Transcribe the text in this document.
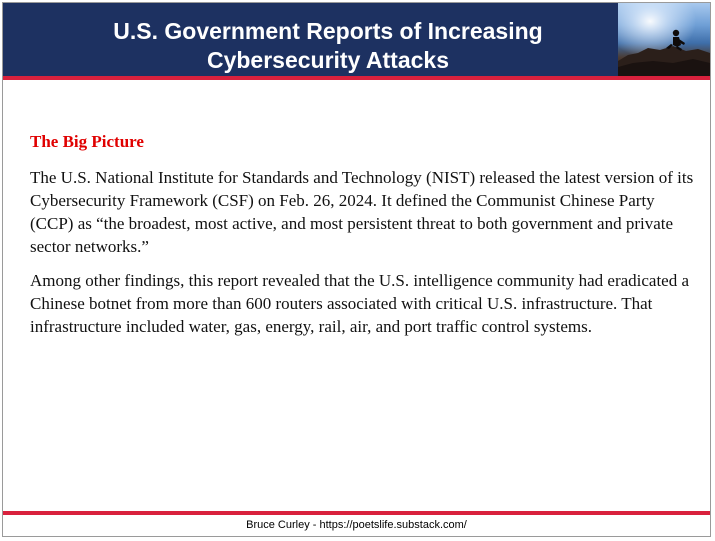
U.S. Government Reports of Increasing
Cybersecurity Attacks
The Big Picture

The U.S. National Institute for Standards and Technology (NIST) released the latest version of its Cybersecurity Framework (CSF) on Feb. 26, 2024. It defined the Communist Chinese Party (CCP) as “the broadest, most active, and most persistent threat to both government and private sector networks.”

Among other findings, this report revealed that the U.S. intelligence community had eradicated a Chinese botnet from more than 600 routers associated with critical U.S. infrastructure. That infrastructure included water, gas, energy, rail, air, and port traffic control systems.

Bruce Curley - https://poetslife.substack.com/
